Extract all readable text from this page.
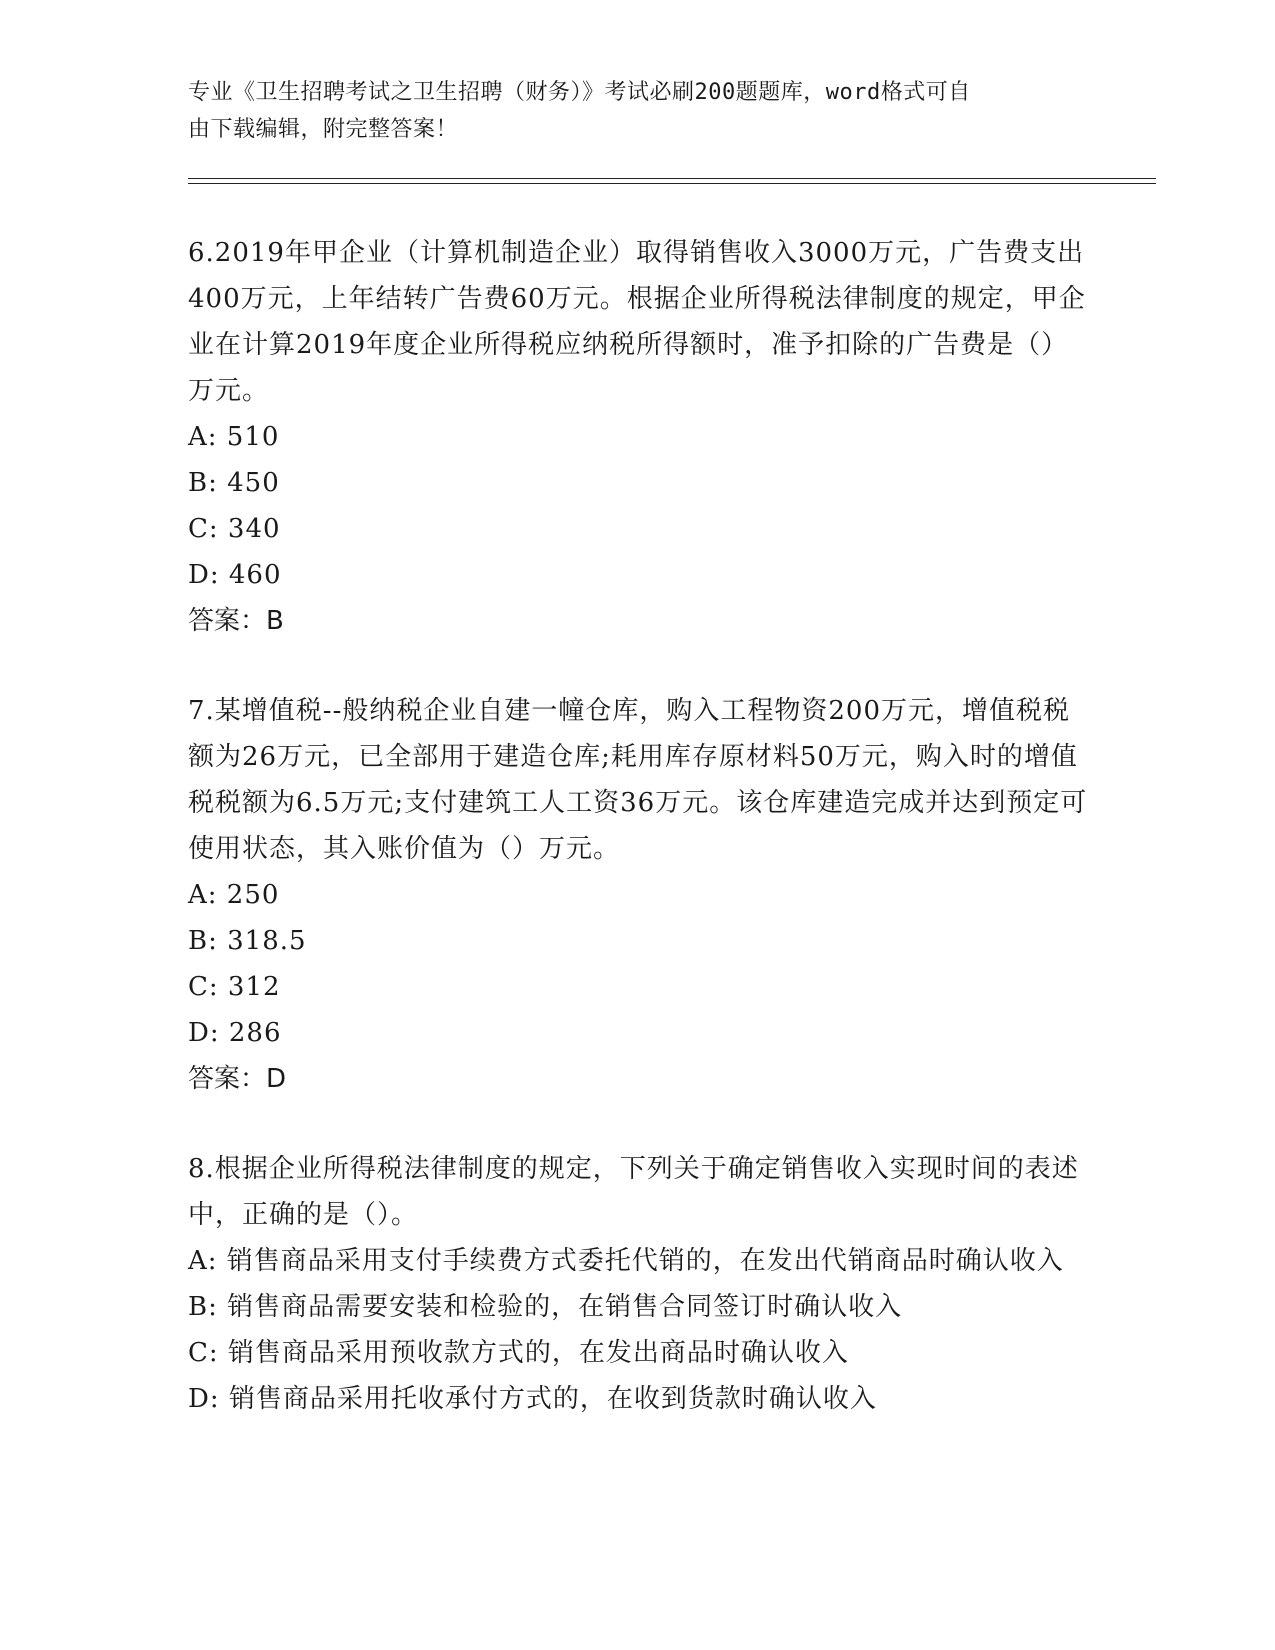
专业《卫生招聘考试之卫生招聘（财务）》考试必刷200题题库，word格式可自
由下载编辑，附完整答案！

6.2019年甲企业（计算机制造企业）取得销售收入3000万元，广告费支出400万元，上年结转广告费60万元。根据企业所得税法律制度的规定，甲企业在计算2019年度企业所得税应纳税所得额时，准予扣除的广告费是（）万元。

A: 510

B: 450

C: 340

D: 460

答案：B

7.某增值税--般纳税企业自建一幢仓库，购入工程物资200万元，增值税税额为26万元，已全部用于建造仓库;耗用库存原材料50万元，购入时的增值税税额为6.5万元;支付建筑工人工资36万元。该仓库建造完成并达到预定可使用状态，其入账价值为（）万元。

A: 250

B: 318.5

C: 312

D: 286

答案：D

8.根据企业所得税法律制度的规定，下列关于确定销售收入实现时间的表述中，正确的是（）。

A: 销售商品采用支付手续费方式委托代销的，在发出代销商品时确认收入

B: 销售商品需要安装和检验的，在销售合同签订时确认收入

C: 销售商品采用预收款方式的，在发出商品时确认收入

D: 销售商品采用托收承付方式的，在收到货款时确认收入
